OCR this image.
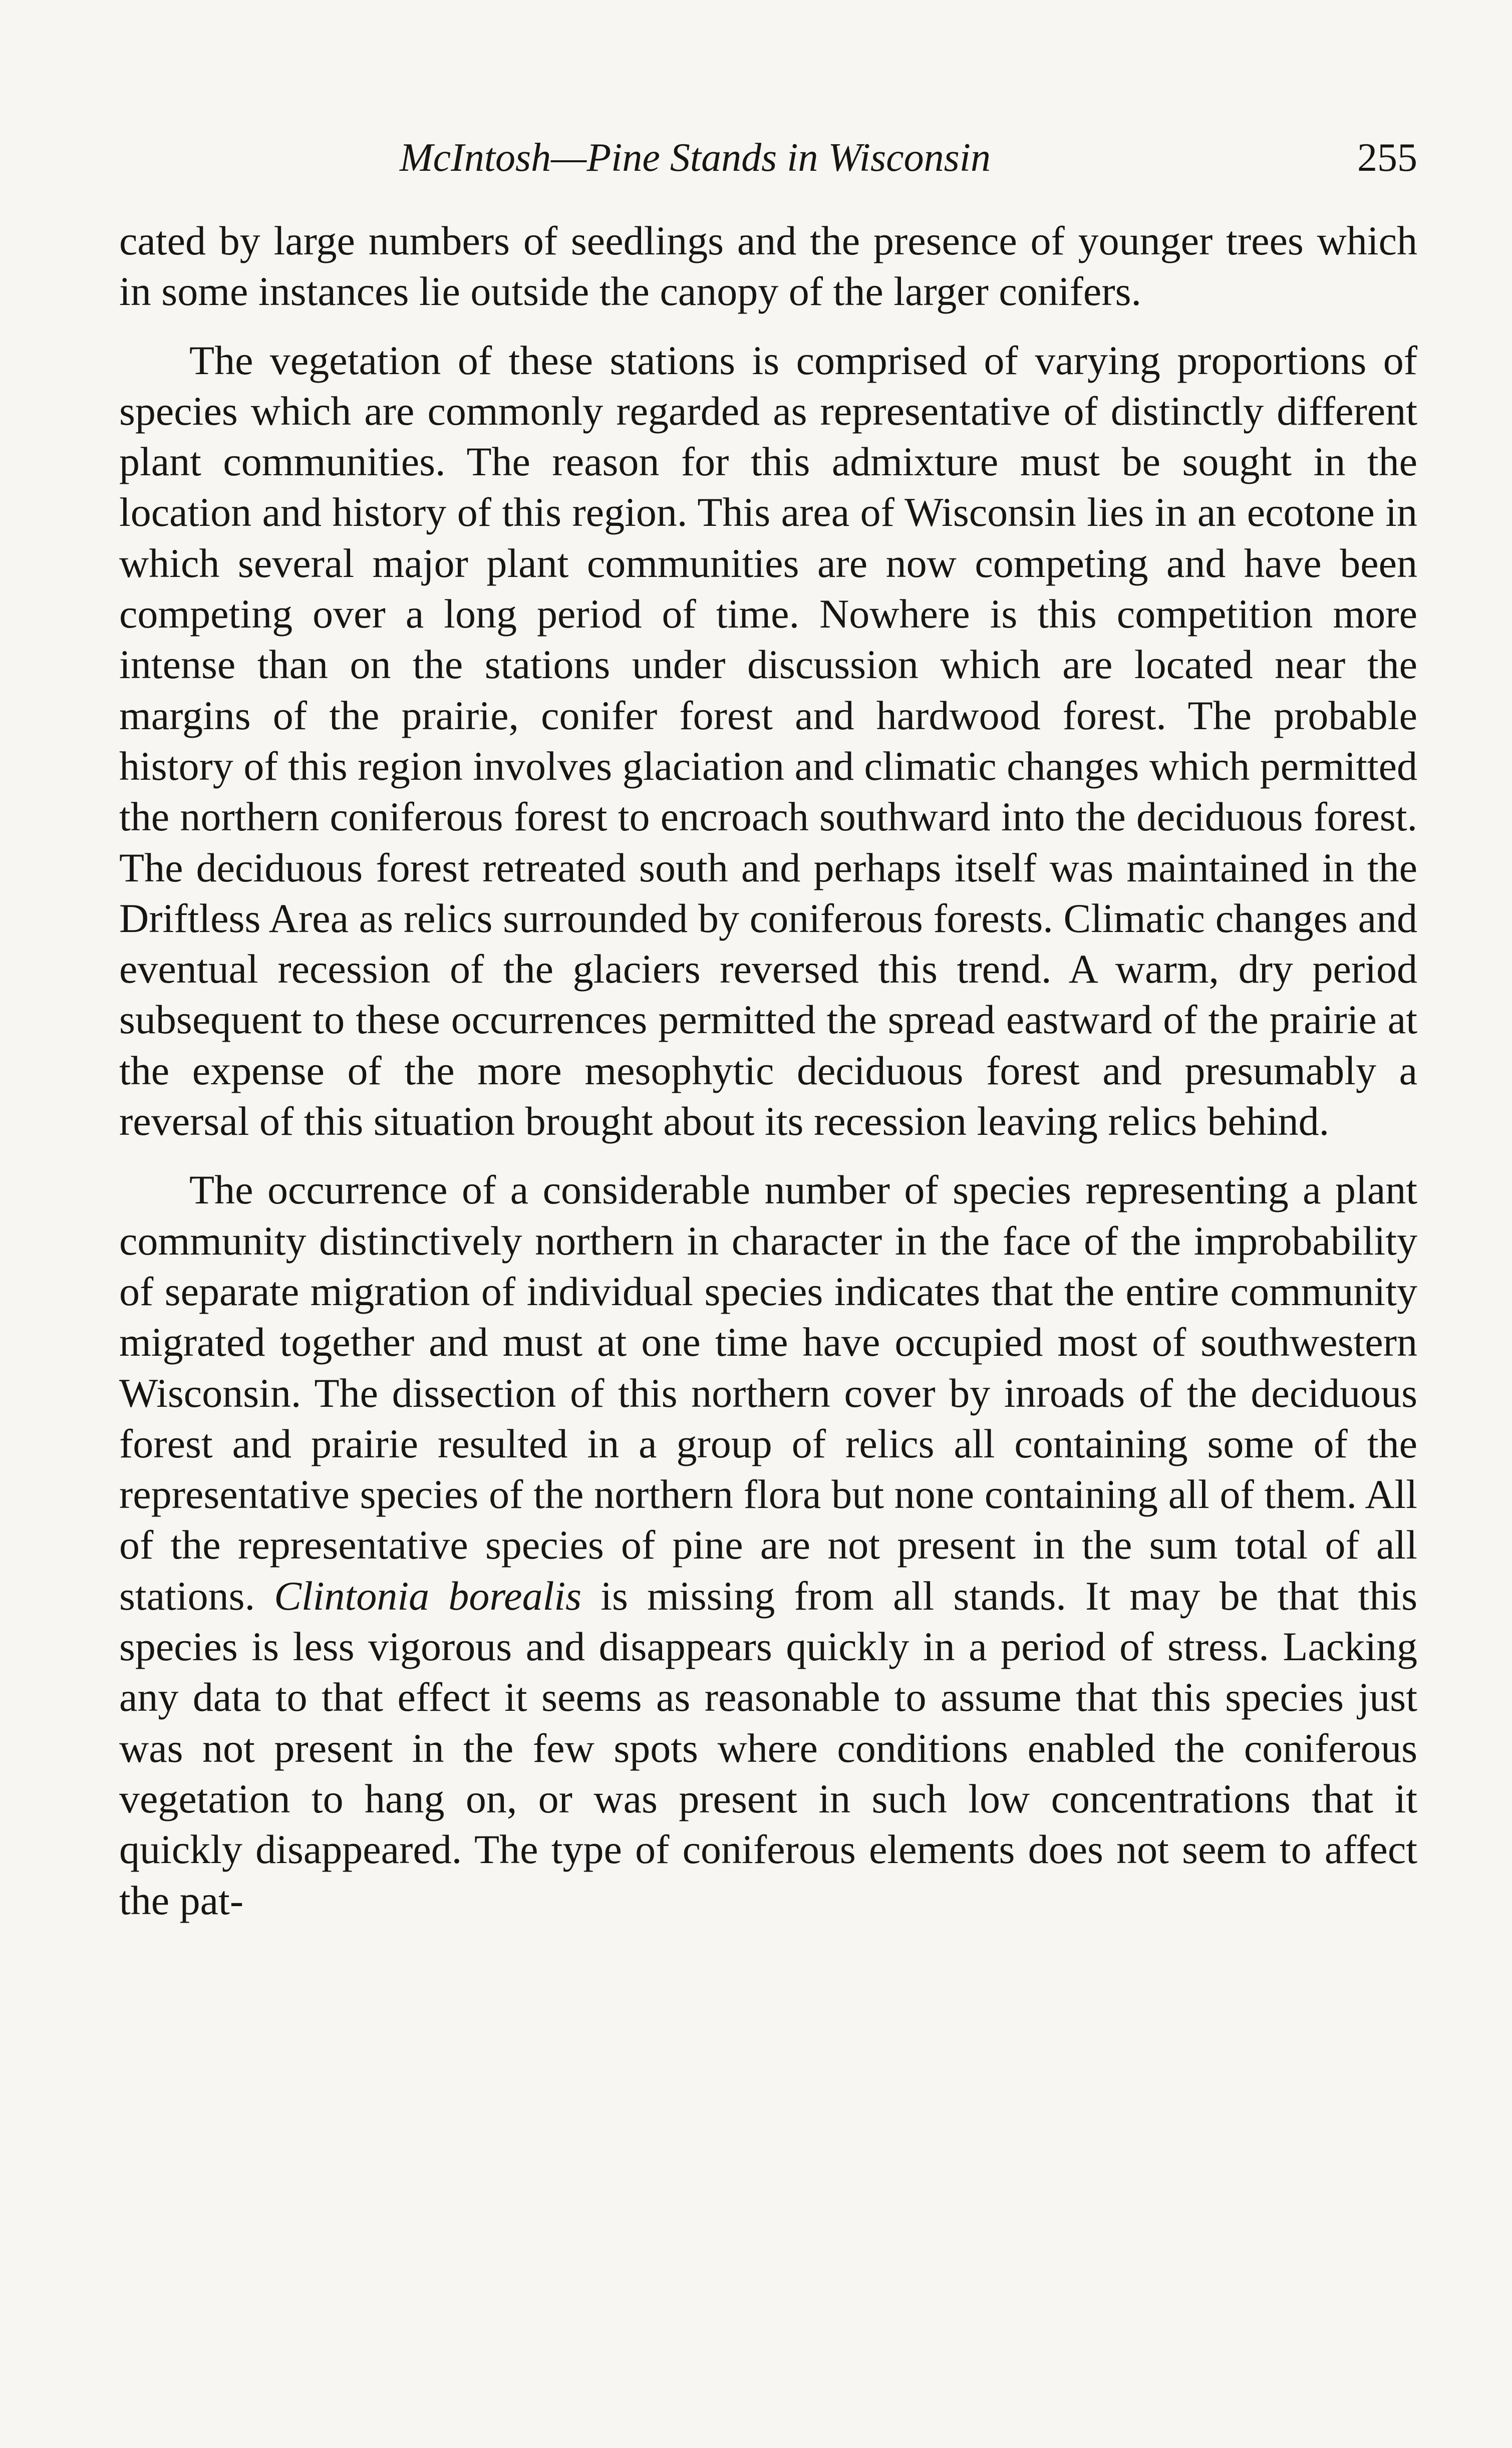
McIntosh—Pine Stands in Wisconsin	255

cated by large numbers of seedlings and the presence of younger trees which in some instances lie outside the canopy of the larger conifers.

The vegetation of these stations is comprised of varying proportions of species which are commonly regarded as representative of distinctly different plant communities. The reason for this admixture must be sought in the location and history of this region. This area of Wisconsin lies in an ecotone in which several major plant communities are now competing and have been competing over a long period of time. Nowhere is this competition more intense than on the stations under discussion which are located near the margins of the prairie, conifer forest and hardwood forest. The probable history of this region involves glaciation and climatic changes which permitted the northern coniferous forest to encroach southward into the deciduous forest. The deciduous forest retreated south and perhaps itself was maintained in the Driftless Area as relics surrounded by coniferous forests. Climatic changes and eventual recession of the glaciers reversed this trend. A warm, dry period subsequent to these occurrences permitted the spread eastward of the prairie at the expense of the more mesophytic deciduous forest and presumably a reversal of this situation brought about its recession leaving relics behind.

The occurrence of a considerable number of species representing a plant community distinctively northern in character in the face of the improbability of separate migration of individual species indicates that the entire community migrated together and must at one time have occupied most of southwestern Wisconsin. The dissection of this northern cover by inroads of the deciduous forest and prairie resulted in a group of relics all containing some of the representative species of the northern flora but none containing all of them. All of the representative species of pine are not present in the sum total of all stations. Clintonia borealis is missing from all stands. It may be that this species is less vigorous and disappears quickly in a period of stress. Lacking any data to that effect it seems as reasonable to assume that this species just was not present in the few spots where conditions enabled the coniferous vegetation to hang on, or was present in such low concentrations that it quickly disappeared. The type of coniferous elements does not seem to affect the pat-
